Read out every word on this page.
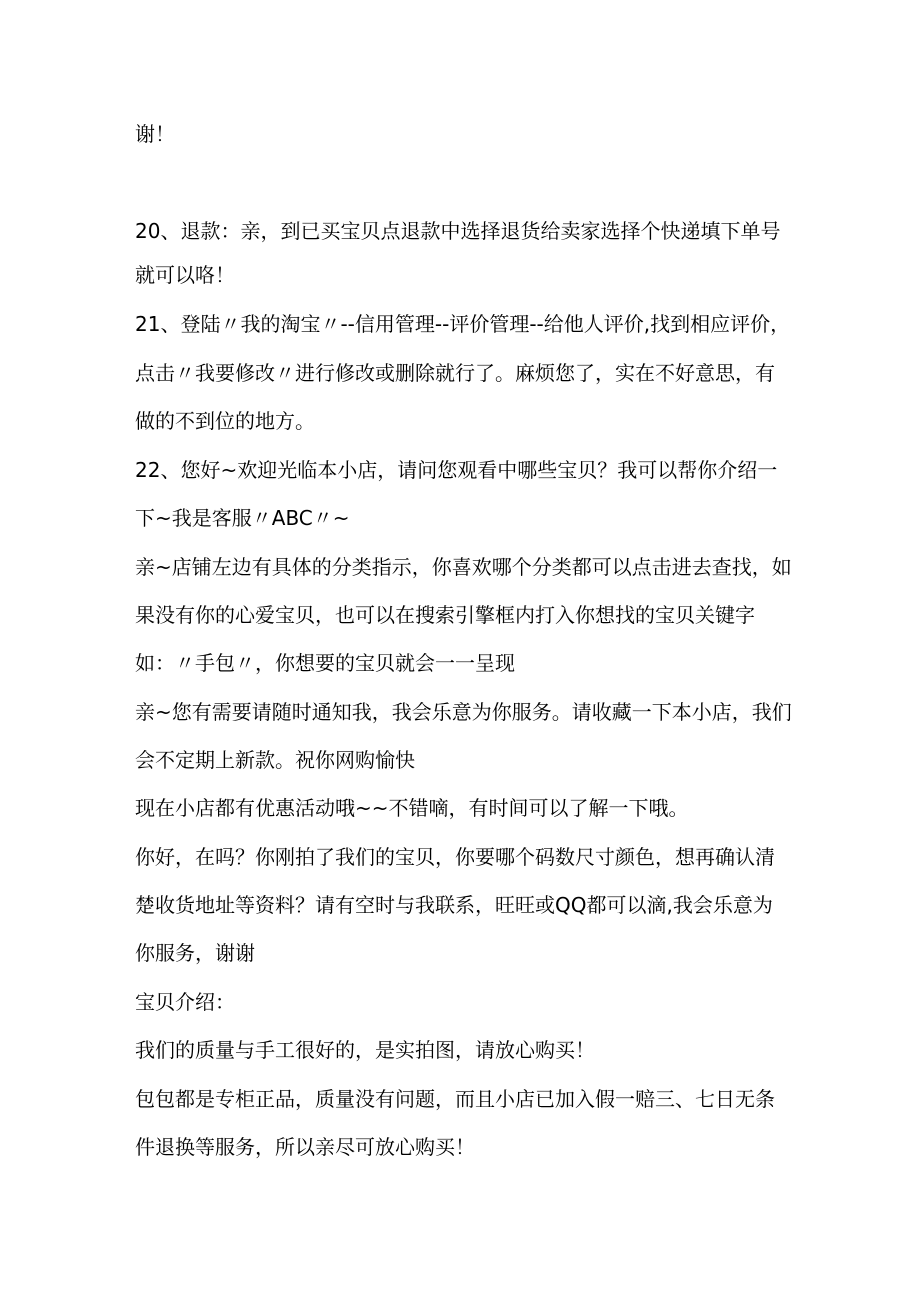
谢！
20、退款：亲，到已买宝贝点退款中选择退货给卖家选择个快递填下单号
就可以咯！
21、登陆〃我的淘宝〃--信用管理--评价管理--给他人评价,找到相应评价，
点击〃我要修改〃进行修改或删除就行了。麻烦您了，实在不好意思，有
做的不到位的地方。
22、您好~欢迎光临本小店，请问您观看中哪些宝贝？我可以帮你介绍一
下~我是客服〃ABC〃~
亲~店铺左边有具体的分类指示，你喜欢哪个分类都可以点击进去查找，如
果没有你的心爱宝贝，也可以在搜索引擎框内打入你想找的宝贝关键字
如：〃手包〃，你想要的宝贝就会一一呈现
亲~您有需要请随时通知我，我会乐意为你服务。请收藏一下本小店，我们
会不定期上新款。祝你网购愉快
现在小店都有优惠活动哦~~不错嘀，有时间可以了解一下哦。
你好，在吗？你刚拍了我们的宝贝，你要哪个码数尺寸颜色，想再确认清
楚收货地址等资料？请有空时与我联系，旺旺或QQ都可以滴,我会乐意为
你服务，谢谢
宝贝介绍：
我们的质量与手工很好的，是实拍图，请放心购买！
包包都是专柜正品，质量没有问题，而且小店已加入假一赔三、七日无条
件退换等服务，所以亲尽可放心购买！
